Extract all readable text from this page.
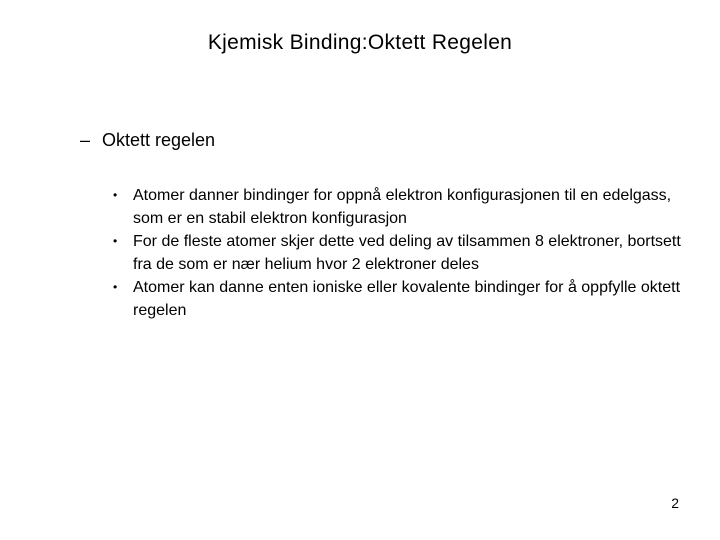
Kjemisk Binding:Oktett Regelen
– Oktett regelen
• Atomer danner bindinger for oppnå elektron konfigurasjonen til en edelgass, som er en stabil elektron konfigurasjon
• For de fleste atomer skjer dette ved deling av tilsammen 8 elektroner, bortsett fra de som er nær helium hvor 2 elektroner deles
• Atomer kan danne enten ioniske eller kovalente bindinger for å oppfylle oktett regelen
2
